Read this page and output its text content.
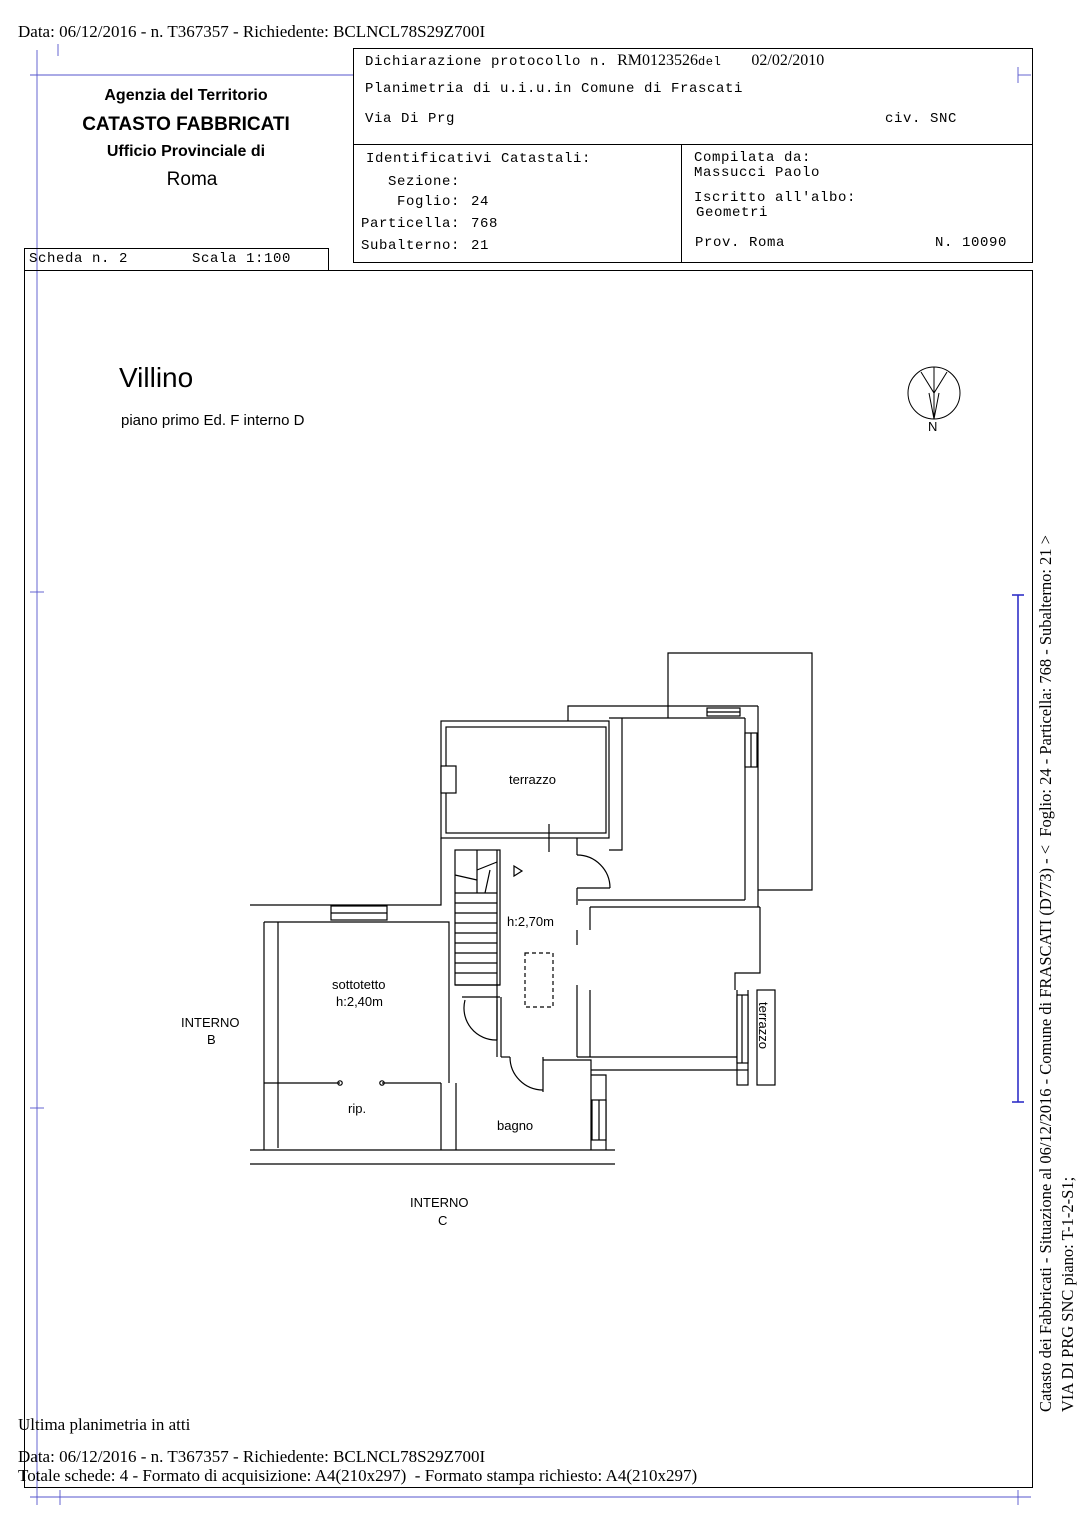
Data: 06/12/2016 - n. T367357 - Richiedente: BCLNCL78S29Z700I
Agenzia del Territorio
CATASTO FABBRICATI
Ufficio Provinciale di
Roma
Scheda n. 2	Scala 1:100
Dichiarazione protocollo n. RM0123526del 02/02/2010
Planimetria di u.i.u.in Comune di Frascati
Via Di Prg	civ. SNC
Identificativi Catastali:
Sezione:
Foglio: 24
Particella: 768
Subalterno: 21
Compilata da:
Massucci Paolo
Iscritto all'albo:
Geometri
Prov. Roma	N. 10090
Villino
piano primo Ed. F interno D	N
terrazzo
h:2,70m
sottotetto
h:2,40m
INTERNO
B
rip.
bagno
INTERNO
C
terrazzo	Catasto dei Fabbricati - Situazione al 06/12/2016 - Comune di FRASCATI (D773) - <  Foglio: 24 - Particella: 768 - Subalterno: 21 > VIA DI PRG SNC piano: T-1-2-S1;
Ultima planimetria in atti
Data: 06/12/2016 - n. T367357 - Richiedente: BCLNCL78S29Z700I
Totale schede: 4 - Formato di acquisizione: A4(210x297)  - Formato stampa richiesto: A4(210x297)
